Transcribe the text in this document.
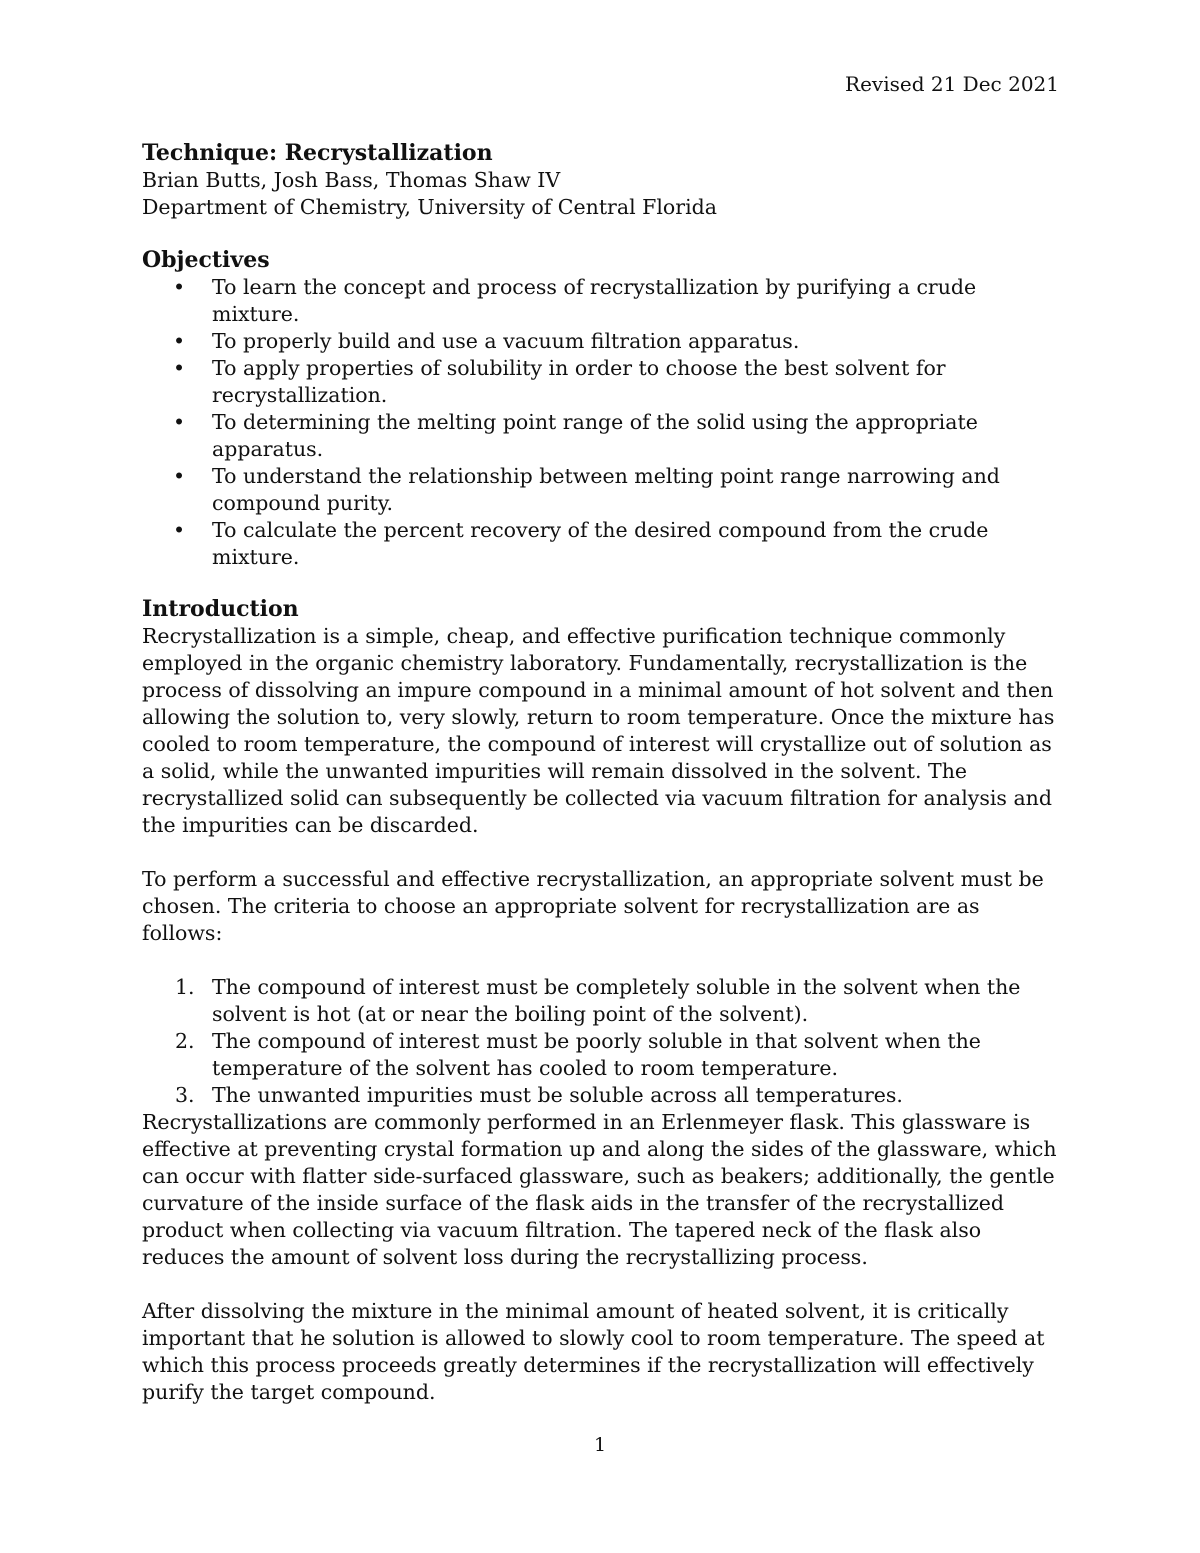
Revised 21 Dec 2021

Technique: Recrystallization

Brian Butts, Josh Bass, Thomas Shaw IV

Department of Chemistry, University of Central Florida

Objectives

• To learn the concept and process of recrystallization by purifying a crude mixture.
• To properly build and use a vacuum filtration apparatus.
• To apply properties of solubility in order to choose the best solvent for recrystallization.
• To determining the melting point range of the solid using the appropriate apparatus.
• To understand the relationship between melting point range narrowing and compound purity.
• To calculate the percent recovery of the desired compound from the crude mixture.

Introduction

Recrystallization is a simple, cheap, and effective purification technique commonly employed in the organic chemistry laboratory. Fundamentally, recrystallization is the process of dissolving an impure compound in a minimal amount of hot solvent and then allowing the solution to, very slowly, return to room temperature. Once the mixture has cooled to room temperature, the compound of interest will crystallize out of solution as a solid, while the unwanted impurities will remain dissolved in the solvent. The recrystallized solid can subsequently be collected via vacuum filtration for analysis and the impurities can be discarded.

To perform a successful and effective recrystallization, an appropriate solvent must be chosen. The criteria to choose an appropriate solvent for recrystallization are as follows:

1. The compound of interest must be completely soluble in the solvent when the solvent is hot (at or near the boiling point of the solvent).
2. The compound of interest must be poorly soluble in that solvent when the temperature of the solvent has cooled to room temperature.
3. The unwanted impurities must be soluble across all temperatures.

Recrystallizations are commonly performed in an Erlenmeyer flask. This glassware is effective at preventing crystal formation up and along the sides of the glassware, which can occur with flatter side-surfaced glassware, such as beakers; additionally, the gentle curvature of the inside surface of the flask aids in the transfer of the recrystallized product when collecting via vacuum filtration. The tapered neck of the flask also reduces the amount of solvent loss during the recrystallizing process.

After dissolving the mixture in the minimal amount of heated solvent, it is critically important that he solution is allowed to slowly cool to room temperature. The speed at which this process proceeds greatly determines if the recrystallization will effectively purify the target compound.

1
